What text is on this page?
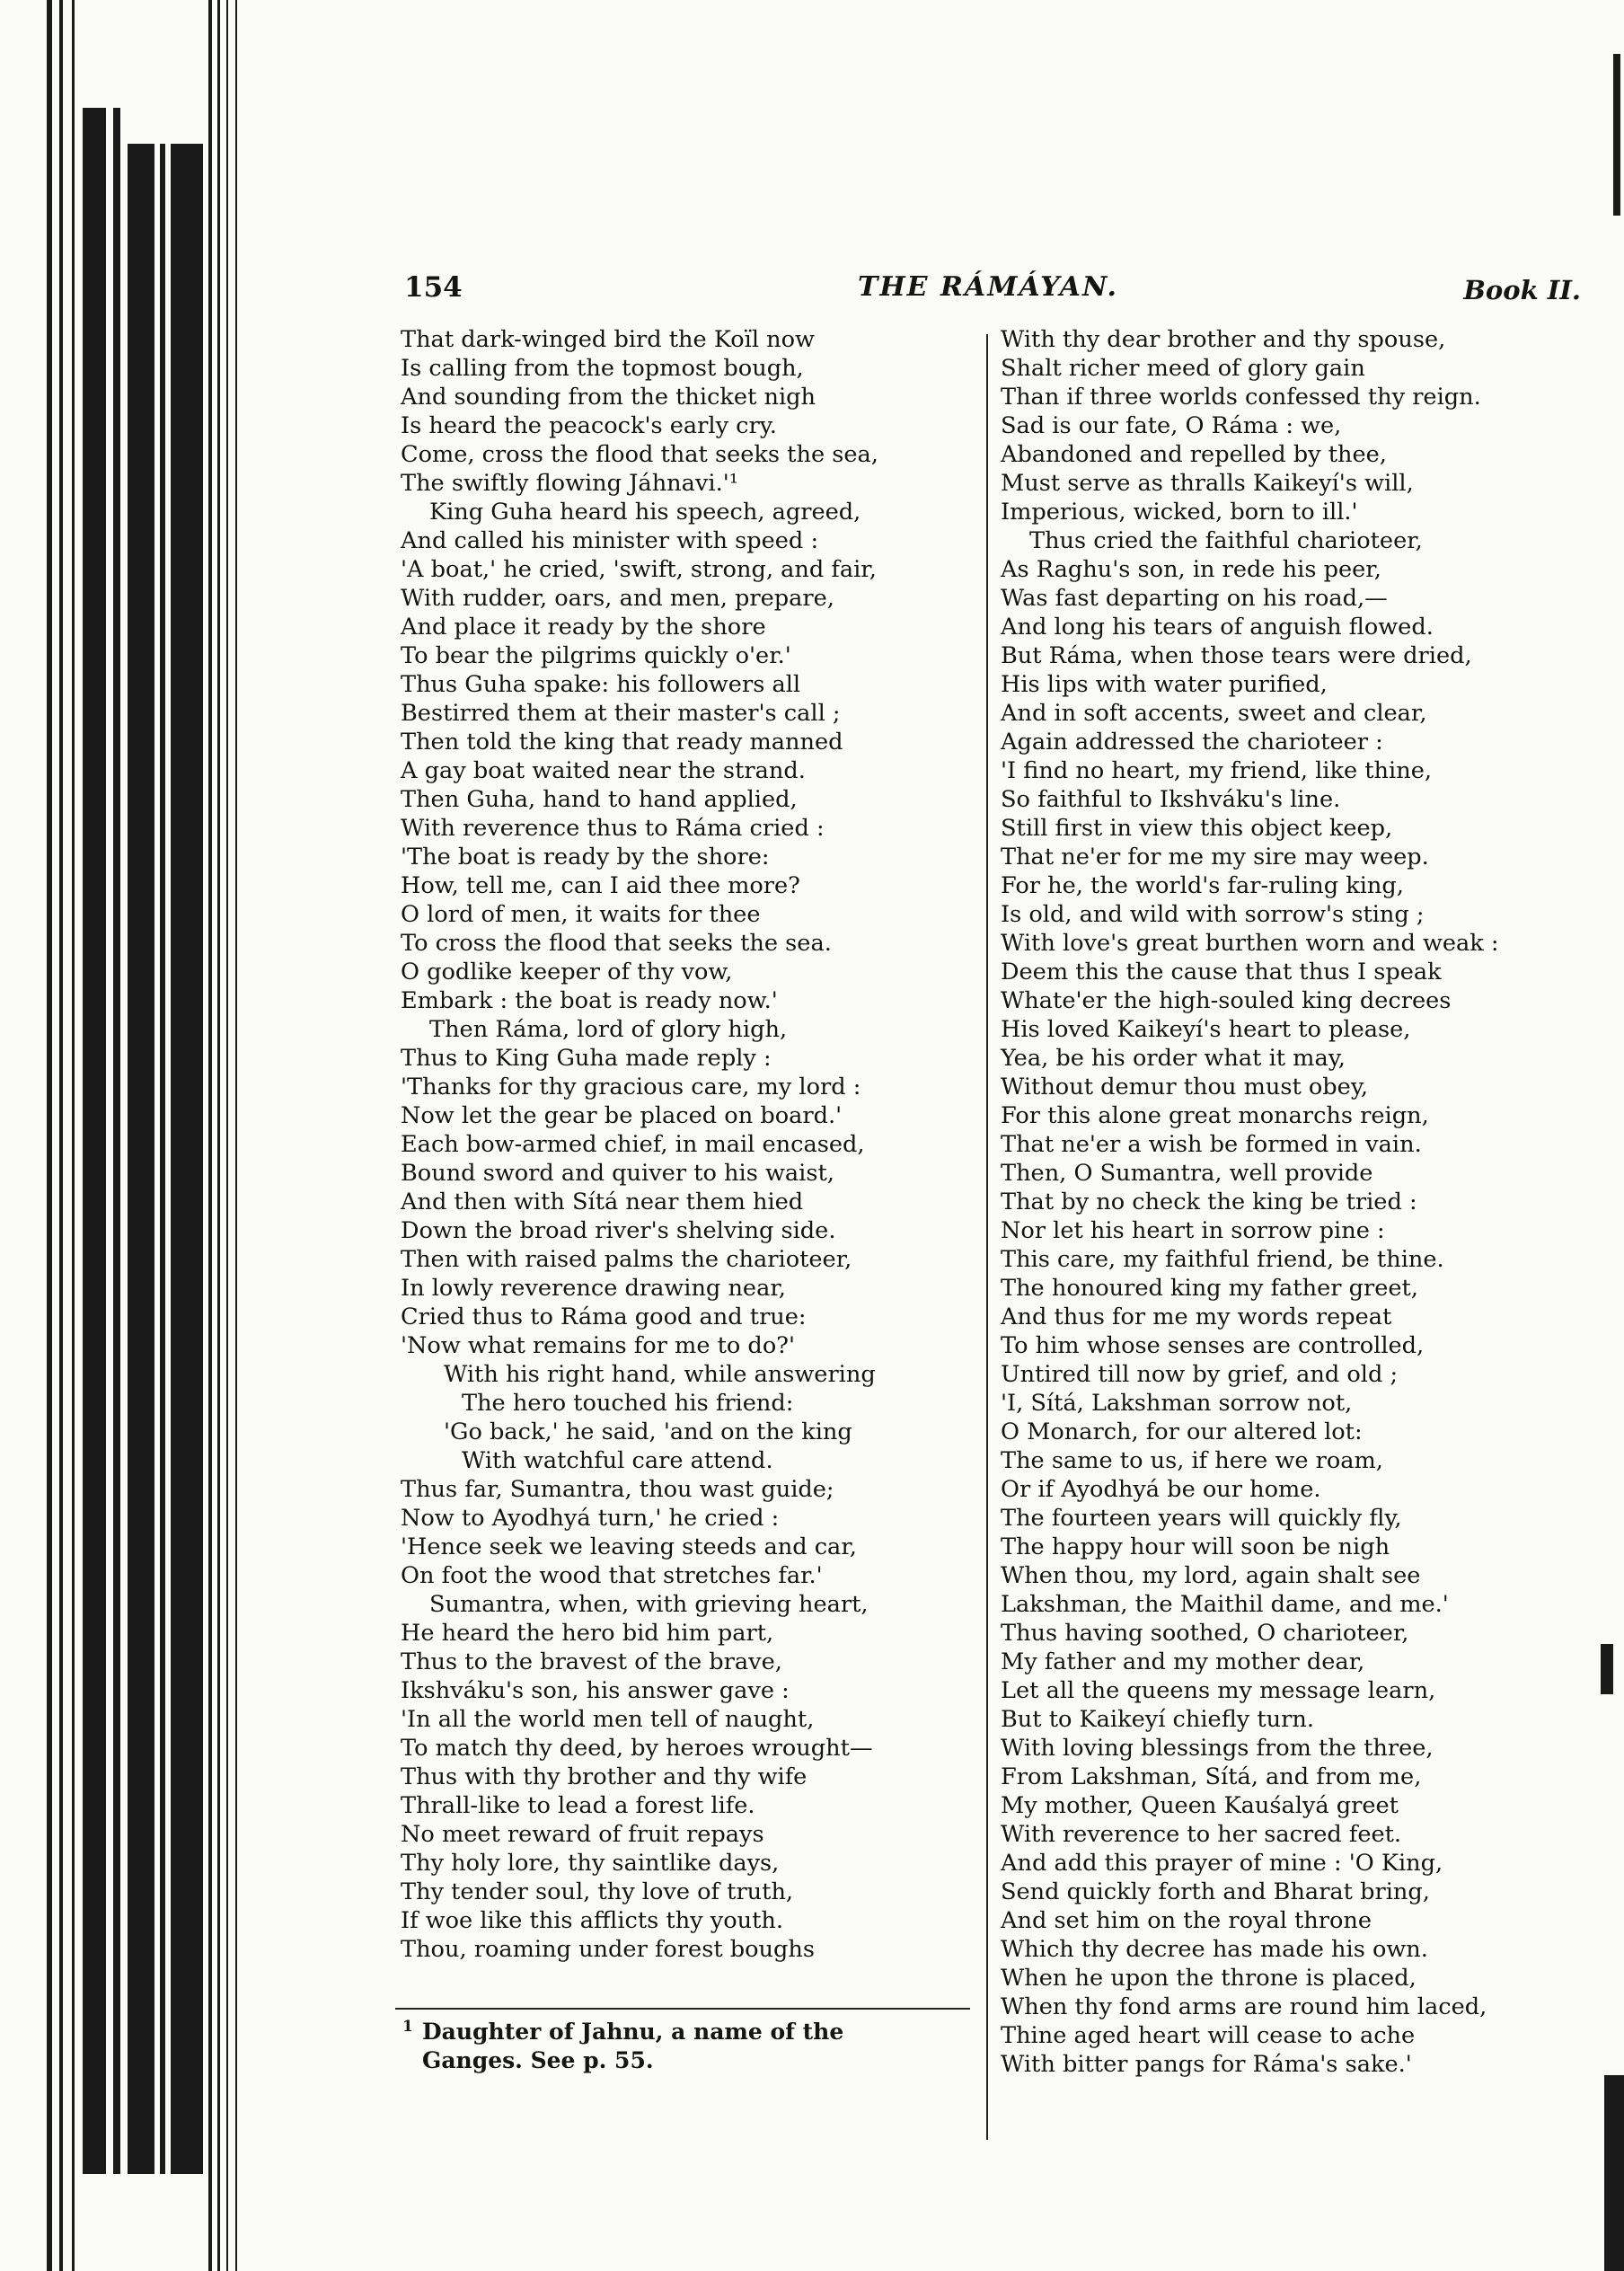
154	THE RÁMÁYAN.	Book II.
That dark-winged bird the Koïl now
Is calling from the topmost bough,
And sounding from the thicket nigh
Is heard the peacock's early cry.
Come, cross the flood that seeks the sea,
The swiftly flowing Jáhnavi.'¹
King Guha heard his speech, agreed,
And called his minister with speed :
'A boat,' he cried, 'swift, strong, and fair,
With rudder, oars, and men, prepare,
And place it ready by the shore
To bear the pilgrims quickly o'er.'
Thus Guha spake: his followers all
Bestirred them at their master's call ;
Then told the king that ready manned
A gay boat waited near the strand.
Then Guha, hand to hand applied,
With reverence thus to Ráma cried :
'The boat is ready by the shore:
How, tell me, can I aid thee more?
O lord of men, it waits for thee
To cross the flood that seeks the sea.
O godlike keeper of thy vow,
Embark : the boat is ready now.'
Then Ráma, lord of glory high,
Thus to King Guha made reply :
'Thanks for thy gracious care, my lord :
Now let the gear be placed on board.'
Each bow-armed chief, in mail encased,
Bound sword and quiver to his waist,
And then with Sítá near them hied
Down the broad river's shelving side.
Then with raised palms the charioteer,
In lowly reverence drawing near,
Cried thus to Ráma good and true:
'Now what remains for me to do?'
With his right hand, while answering
The hero touched his friend:
'Go back,' he said, 'and on the king
With watchful care attend.
Thus far, Sumantra, thou wast guide;
Now to Ayodhyá turn,' he cried :
'Hence seek we leaving steeds and car,
On foot the wood that stretches far.'
Sumantra, when, with grieving heart,
He heard the hero bid him part,
Thus to the bravest of the brave,
Ikshváku's son, his answer gave :
'In all the world men tell of naught,
To match thy deed, by heroes wrought—
Thus with thy brother and thy wife
Thrall-like to lead a forest life.
No meet reward of fruit repays
Thy holy lore, thy saintlike days,
Thy tender soul, thy love of truth,
If woe like this afflicts thy youth.
Thou, roaming under forest boughs
With thy dear brother and thy spouse,
Shalt richer meed of glory gain
Than if three worlds confessed thy reign.
Sad is our fate, O Ráma : we,
Abandoned and repelled by thee,
Must serve as thralls Kaikeyí's will,
Imperious, wicked, born to ill.'
Thus cried the faithful charioteer,
As Raghu's son, in rede his peer,
Was fast departing on his road,—
And long his tears of anguish flowed.
But Ráma, when those tears were dried,
His lips with water purified,
And in soft accents, sweet and clear,
Again addressed the charioteer :
'I find no heart, my friend, like thine,
So faithful to Ikshváku's line.
Still first in view this object keep,
That ne'er for me my sire may weep.
For he, the world's far-ruling king,
Is old, and wild with sorrow's sting ;
With love's great burthen worn and weak :
Deem this the cause that thus I speak
Whate'er the high-souled king decrees
His loved Kaikeyí's heart to please,
Yea, be his order what it may,
Without demur thou must obey,
For this alone great monarchs reign,
That ne'er a wish be formed in vain.
Then, O Sumantra, well provide
That by no check the king be tried :
Nor let his heart in sorrow pine :
This care, my faithful friend, be thine.
The honoured king my father greet,
And thus for me my words repeat
To him whose senses are controlled,
Untired till now by grief, and old ;
'I, Sítá, Lakshman sorrow not,
O Monarch, for our altered lot:
The same to us, if here we roam,
Or if Ayodhyá be our home.
The fourteen years will quickly fly,
The happy hour will soon be nigh
When thou, my lord, again shalt see
Lakshman, the Maithil dame, and me.'
Thus having soothed, O charioteer,
My father and my mother dear,
Let all the queens my message learn,
But to Kaikeyí chiefly turn.
With loving blessings from the three,
From Lakshman, Sítá, and from me,
My mother, Queen Kauśalyá greet
With reverence to her sacred feet.
And add this prayer of mine : 'O King,
Send quickly forth and Bharat bring,
And set him on the royal throne
Which thy decree has made his own.
When he upon the throne is placed,
When thy fond arms are round him laced,
Thine aged heart will cease to ache
With bitter pangs for Ráma's sake.'
1 Daughter of Jahnu, a name of the
Ganges. See p. 55.
